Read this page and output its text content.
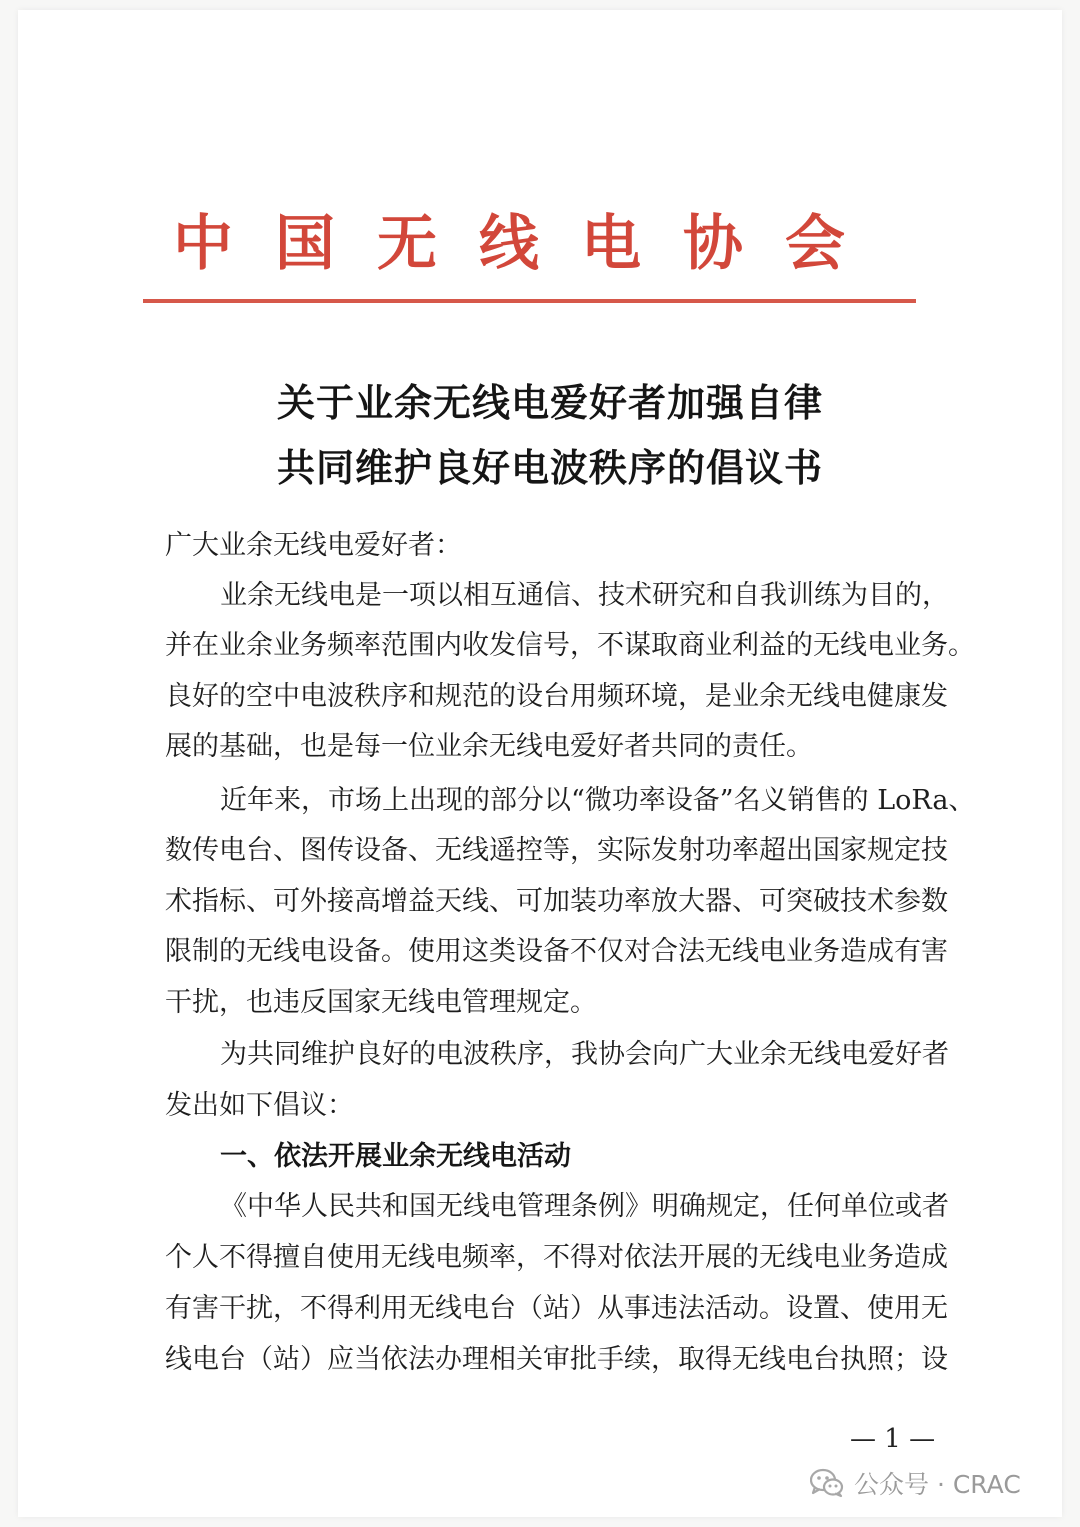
中国无线电协会
关于业余无线电爱好者加强自律
共同维护良好电波秩序的倡议书
广大业余无线电爱好者：
业余无线电是一项以相互通信、技术研究和自我训练为目的，
并在业余业务频率范围内收发信号，不谋取商业利益的无线电业务。
良好的空中电波秩序和规范的设台用频环境，是业余无线电健康发
展的基础，也是每一位业余无线电爱好者共同的责任。
近年来，市场上出现的部分以“微功率设备”名义销售的 LoRa、
数传电台、图传设备、无线遥控等，实际发射功率超出国家规定技
术指标、可外接高增益天线、可加装功率放大器、可突破技术参数
限制的无线电设备。使用这类设备不仅对合法无线电业务造成有害
干扰，也违反国家无线电管理规定。
为共同维护良好的电波秩序，我协会向广大业余无线电爱好者
发出如下倡议：
一、依法开展业余无线电活动
《中华人民共和国无线电管理条例》明确规定，任何单位或者
个人不得擅自使用无线电频率，不得对依法开展的无线电业务造成
有害干扰，不得利用无线电台（站）从事违法活动。设置、使用无
线电台（站）应当依法办理相关审批手续，取得无线电台执照；设
— 1 —
公众号 · CRAC
